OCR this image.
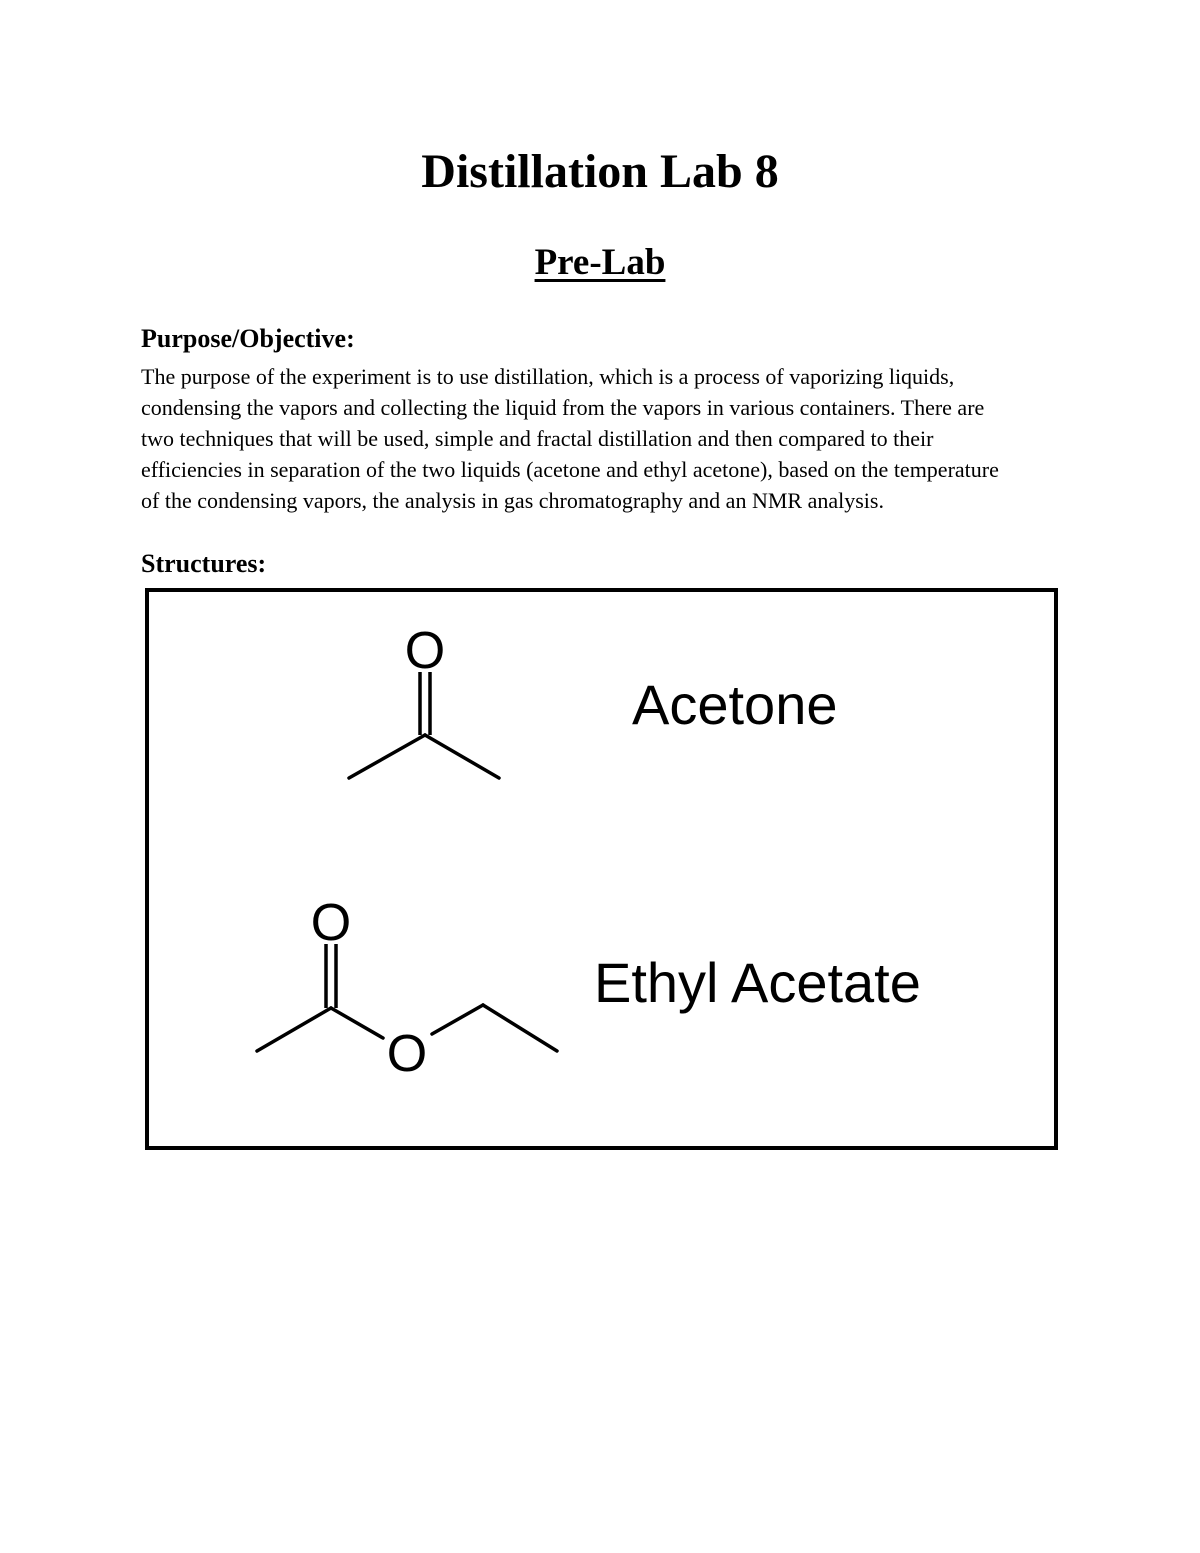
Distillation Lab 8
Pre-Lab
Purpose/Objective:

The purpose of the experiment is to use distillation, which is a process of vaporizing liquids,
condensing the vapors and collecting the liquid from the vapors in various containers. There are
two techniques that will be used, simple and fractal distillation and then compared to their
efficiencies in separation of the two liquids (acetone and ethyl acetone), based on the temperature
of the condensing vapors, the analysis in gas chromatography and an NMR analysis.

Structures:
O
Acetone
O
O
Ethyl Acetate
